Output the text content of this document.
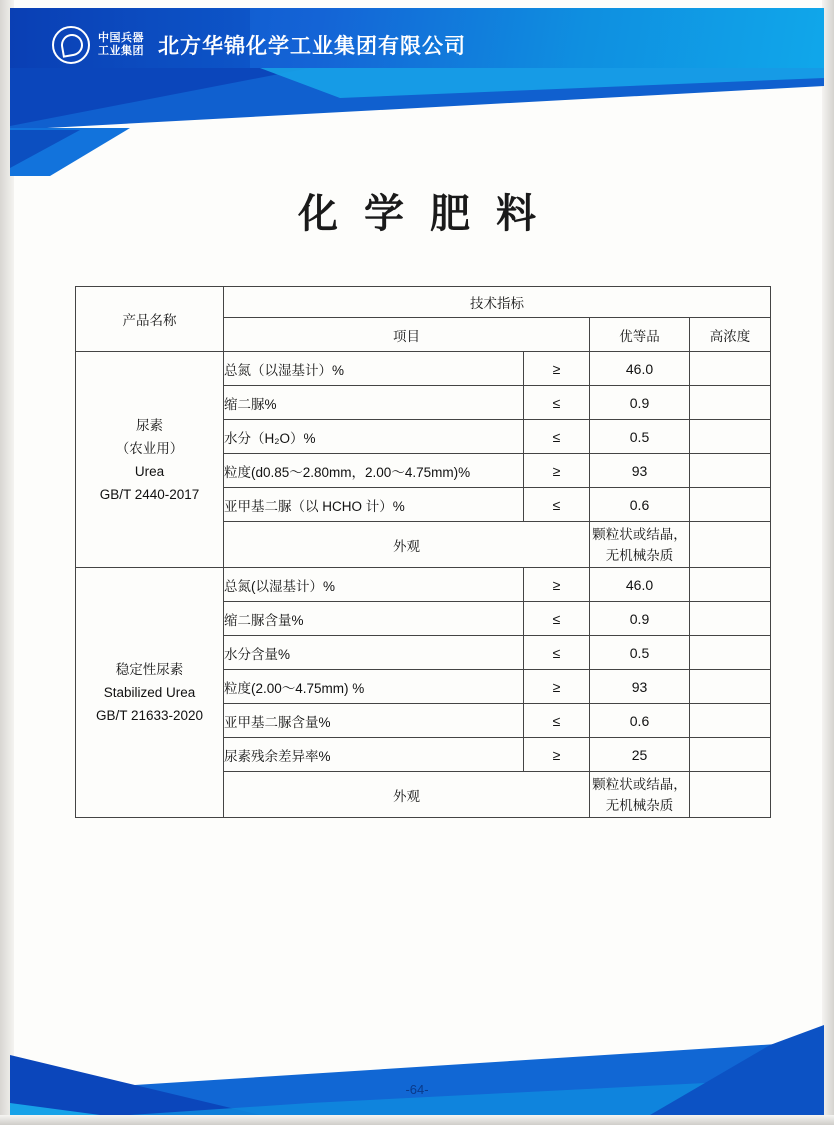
中国兵器
工业集团 北方华锦化学工业集团有限公司
化学肥料
产品名称	技术指标			
	项目		优等品	高浓度

尿素
（农业用）
Urea
GB/T 2440-2017	总氮（以湿基计）%	≥	46.0	
	缩二脲%	≤	0.9	
	水分（H₂O）%	≤	0.5	
	粒度(d0.85～2.80mm，2.00～4.75mm)%	≥	93	
	亚甲基二脲（以 HCHO 计）%	≤	0.6	
	外观		颗粒状或结晶，
无机械杂质	

稳定性尿素
Stabilized Urea
GB/T 21633-2020	总氮(以湿基计）%	≥	46.0	
	缩二脲含量%	≤	0.9	
	水分含量%	≤	0.5	
	粒度(2.00～4.75mm) %	≥	93	
	亚甲基二脲含量%	≤	0.6	
	尿素残余差异率%	≥	25	
	外观		颗粒状或结晶，
无机械杂质	

-64-
